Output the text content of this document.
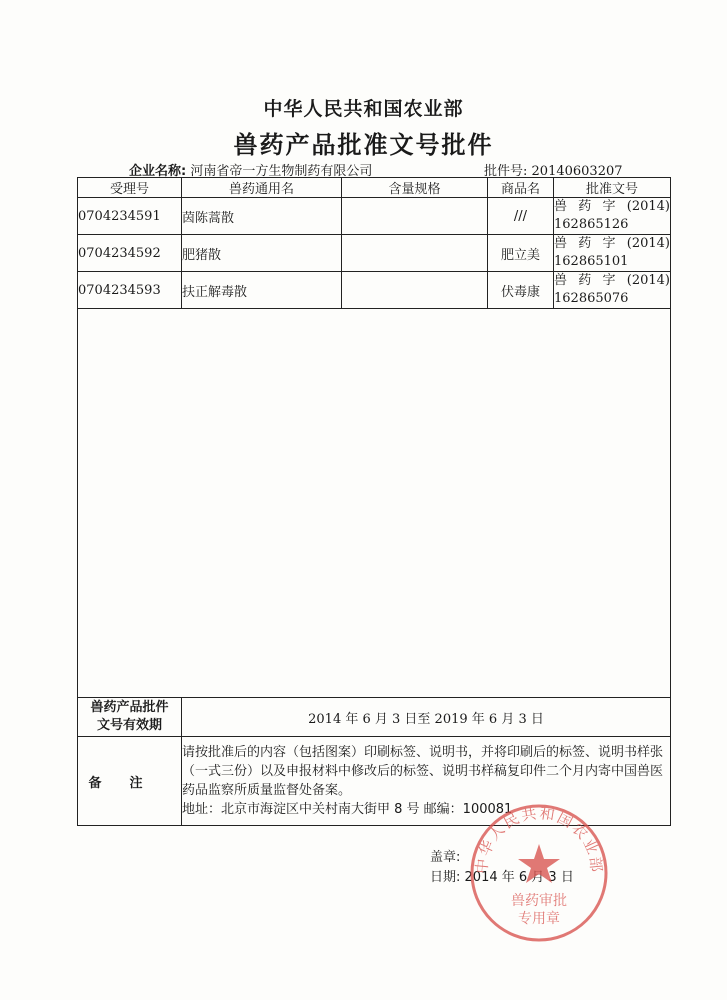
中华人民共和国农业部
兽药产品批准文号批件
企业名称: 河南省帝一方生物制药有限公司	批件号: 20140603207
受理号	兽药通用名	含量规格	商品名	批准文号
0704234591	茵陈蒿散		///	兽 药 字 (2014)
162865126

0704234592	肥猪散		肥立美	兽 药 字 (2014)
162865101

0704234593	扶正解毒散		伏毒康	兽 药 字 (2014)
162865076

兽药产品批件
文号有效期	2014 年 6 月 3 日至 2019 年 6 月 3 日			
备注	请按批准后的内容（包括图案）印刷标签、说明书，并将印刷后的标签、说明书样张（一式三份）以及申报材料中修改后的标签、说明书样稿复印件二个月内寄中国兽医药品监察所质量监督处备案。
地址：北京市海淀区中关村南大街甲 8 号 邮编：100081			
盖章:
日期: 2014 年 6 月 3 日
中华人民共和国农业部
兽药审批
专用章
